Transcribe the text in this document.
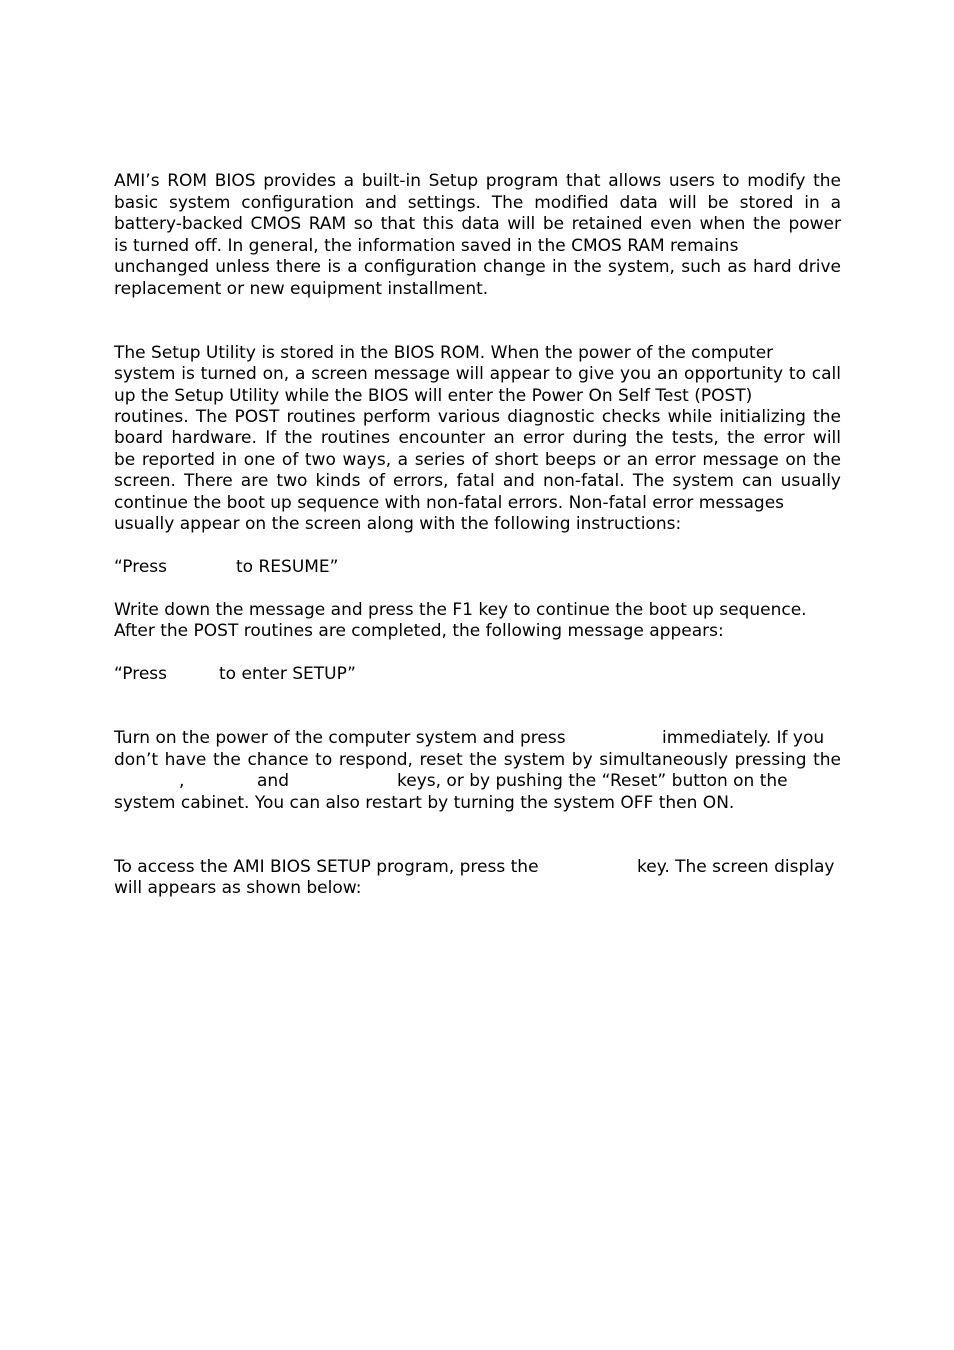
AMI’s ROM BIOS provides a built-in Setup program that allows users to modify the
basic system configuration and settings. The modified data will be stored in a
battery-backed CMOS RAM so that this data will be retained even when the power
is turned off. In general, the information saved in the CMOS RAM remains
unchanged unless there is a configuration change in the system, such as hard drive
replacement or new equipment installment.
The Setup Utility is stored in the BIOS ROM. When the power of the computer
system is turned on, a screen message will appear to give you an opportunity to call
up the Setup Utility while the BIOS will enter the Power On Self Test (POST)
routines. The POST routines perform various diagnostic checks while initializing the
board hardware. If the routines encounter an error during the tests, the error will
be reported in one of two ways, a series of short beeps or an error message on the
screen. There are two kinds of errors, fatal and non-fatal. The system can usually
continue the boot up sequence with non-fatal errors. Non-fatal error messages
usually appear on the screen along with the following instructions:
“Press	to RESUME”
Write down the message and press the F1 key to continue the boot up sequence.
After the POST routines are completed, the following message appears:
“Press	to enter SETUP”
Turn on the power of the computer system and press	immediately. If you
don’t have the chance to respond, reset the system by simultaneously pressing the
,	and	keys, or by pushing the “Reset” button on the
system cabinet. You can also restart by turning the system OFF then ON.
To access the AMI BIOS SETUP program, press the	key. The screen display
will appears as shown below:
